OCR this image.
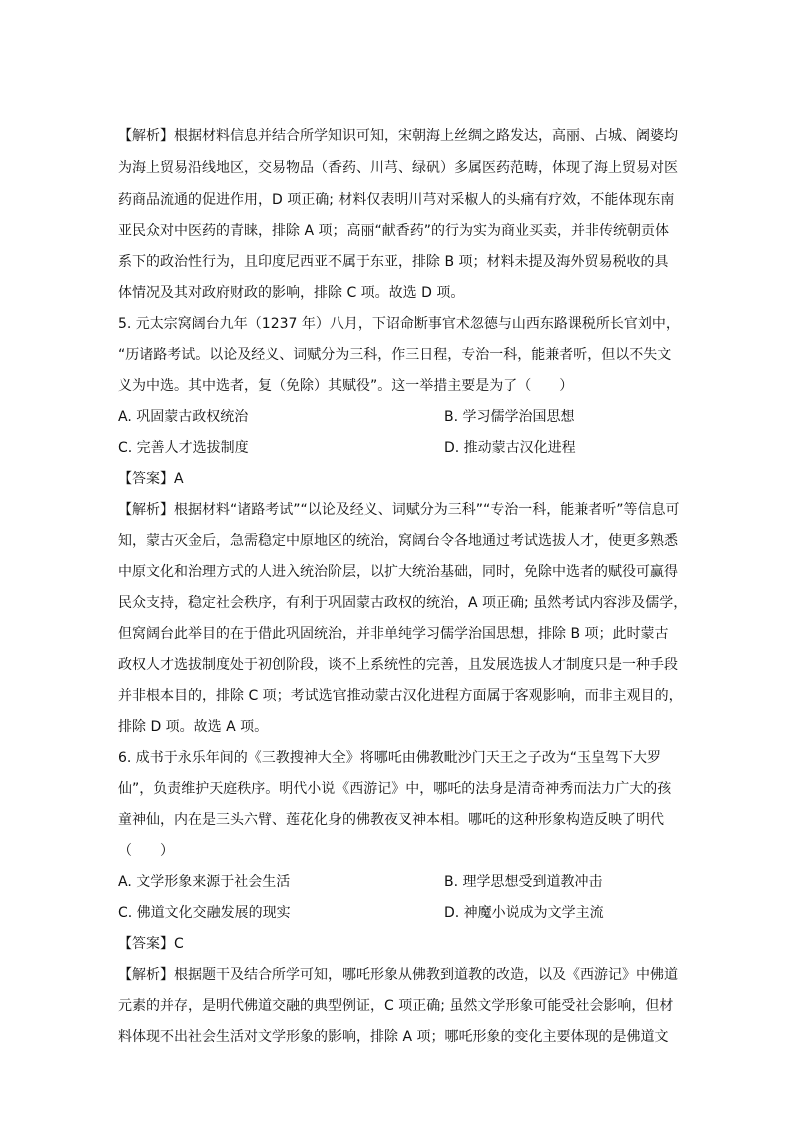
【解析】根据材料信息并结合所学知识可知，宋朝海上丝绸之路发达，高丽、占城、阇婆均
为海上贸易沿线地区，交易物品（香药、川芎、绿矾）多属医药范畴，体现了海上贸易对医
药商品流通的促进作用，D 项正确; 材料仅表明川芎对采椒人的头痛有疗效，不能体现东南
亚民众对中医药的青睐，排除 A 项；高丽“献香药”的行为实为商业买卖，并非传统朝贡体
系下的政治性行为，且印度尼西亚不属于东亚，排除 B 项；材料未提及海外贸易税收的具
体情况及其对政府财政的影响，排除 C 项。故选 D 项。
5. 元太宗窝阔台九年（1237 年）八月，下诏命断事官术忽德与山西东路课税所长官刘中，
“历诸路考试。以论及经义、词赋分为三科，作三日程，专治一科，能兼者听，但以不失文
义为中选。其中选者，复（免除）其赋役”。这一举措主要是为了（　　）
A. 巩固蒙古政权统治	B. 学习儒学治国思想
C. 完善人才选拔制度	D. 推动蒙古汉化进程
【答案】A
【解析】根据材料“诸路考试”“以论及经义、词赋分为三科”“专治一科，能兼者听”等信息可
知，蒙古灭金后，急需稳定中原地区的统治，窝阔台令各地通过考试选拔人才，使更多熟悉
中原文化和治理方式的人进入统治阶层，以扩大统治基础，同时，免除中选者的赋役可赢得
民众支持，稳定社会秩序，有利于巩固蒙古政权的统治，A 项正确; 虽然考试内容涉及儒学，
但窝阔台此举目的在于借此巩固统治，并非单纯学习儒学治国思想，排除 B 项；此时蒙古
政权人才选拔制度处于初创阶段，谈不上系统性的完善，且发展选拔人才制度只是一种手段
并非根本目的，排除 C 项；考试选官推动蒙古汉化进程方面属于客观影响，而非主观目的，
排除 D 项。故选 A 项。
6. 成书于永乐年间的《三教搜神大全》将哪吒由佛教毗沙门天王之子改为“玉皇驾下大罗
仙”，负责维护天庭秩序。明代小说《西游记》中，哪吒的法身是清奇神秀而法力广大的孩
童神仙，内在是三头六臂、莲花化身的佛教夜叉神本相。哪吒的这种形象构造反映了明代
（　　）
A. 文学形象来源于社会生活	B. 理学思想受到道教冲击
C. 佛道文化交融发展的现实	D. 神魔小说成为文学主流
【答案】C
【解析】根据题干及结合所学可知，哪吒形象从佛教到道教的改造，以及《西游记》中佛道
元素的并存，是明代佛道交融的典型例证，C 项正确; 虽然文学形象可能受社会影响，但材
料体现不出社会生活对文学形象的影响，排除 A 项；哪吒形象的变化主要体现的是佛道文
